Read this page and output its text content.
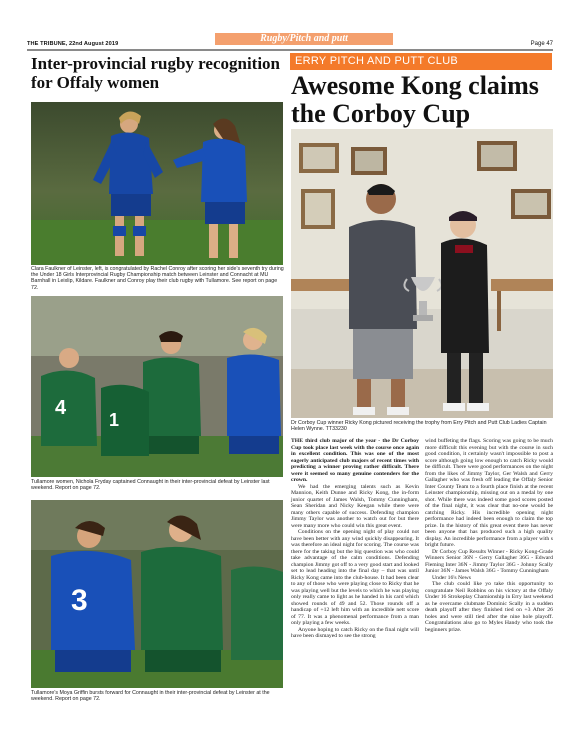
THE TRIBUNE, 22nd August 2019	Rugby/Pitch and putt	Page 47
Inter-provincial rugby recognition for Offaly women
Clara Faulkner of Leinster, left, is congratulated by Rachel Conroy after scoring her side's seventh try during the Under 18 Girls Interprovincial Rugby Championship match between Leinster and Connacht at MU Barnhall in Leixlip, Kildare. Faulkner and Conroy play their club rugby with Tullamore. See report on page 72.
4
1
Tullamore women, Nichola Fryday captained Connaught in their inter-provincial defeat by Leinster last weekend. Report on page 72.
3
Tullamore's Moya Griffin bursts forward for Connaught in their inter-provincial defeat by Leinster at the weekend. Report on page 72.
ERRY PITCH AND PUTT CLUB
Awesome Kong claims the Corboy Cup
Dr Corboy Cup winner Ricky Kong pictured receiving the trophy from Erry Pitch and Putt Club Ladies Captain Helen Wynne. TT33230

THE third club major of the year - the Dr Corboy Cup took place last week with the course once again in excellent condition. This was one of the most eagerly anticipated club majors of recent times with predicting a winner proving rather difficult. There were it seemed so many genuine contenders for the crown.

We had the emerging talents such as Kevin Mannion, Keith Dunne and Ricky Kong, the in-form junior quartet of James Walsh, Tommy Cunningham, Sean Sheridan and Nicky Keegan while there were many others capable of success. Defending champion Jimmy Taylor was another to watch out for but there were many more who could win this great event.

Conditions on the opening night of play could not have been better with any wind quickly disappearing. It was therefore an ideal night for scoring. The course was there for the taking but the big question was who could take advantage of the calm conditions. Defending champion Jimmy got off to a very good start and looked set to lead heading into the final day – that was until Ricky Kong came into the club-house. It had been clear to any of those who were playing close to Ricky that he was playing well but the levels to which he was playing only really came to light as he handed in his card which showed rounds of 49 and 52. Those rounds off a handicap of +12 left him with an incredible nett score of 77. It was a phenomenal performance from a man only playing a few weeks.

Anyone hoping to catch Ricky on the final night will have been dismayed to see the strong

wind buffeting the flags. Scoring was going to be much more difficult this evening but with the course in such good condition, it certainly wasn't impossible to post a score although going low enough to catch Ricky would be difficult. There were good performances on the night from the likes of Jimmy Taylor, Ger Walsh and Gerry Gallagher who was fresh off leading the Offaly Senior Inter County Team to a fourth place finish at the recent Leinster championship, missing out on a medal by one shot. While there was indeed some good scores posted of the final night, it was clear that no-one would be catching Ricky. His incredible opening night performance had indeed been enough to claim the top prize. In the history of this great event there has never been anyone that has produced such a high quality display. An incredible performance from a player with s bright future.

Dr Corboy Cup Results Winner - Ricky Kong-Grade Winners Senior 36N - Gerry Gallagher 36G - Edward Fleming Inter 36N - Jimmy Taylor 36G - Johnny Scally Junior 36N - James Walsh 36G - Tommy Cunningham

Under 16's News

The club could like yo take this opportunity to congratulate Neil Robbins on his victory at the Offaly Under 16 Strokeplay Chamionship in Erry last weekend as he overcame clubmate Dominic Scally in a sudden death playoff after they finished tied on +3 After 26 holes and were still tied after the nine hole playoff. Congratulations also go to Myles Handy who took the beginners prize.
